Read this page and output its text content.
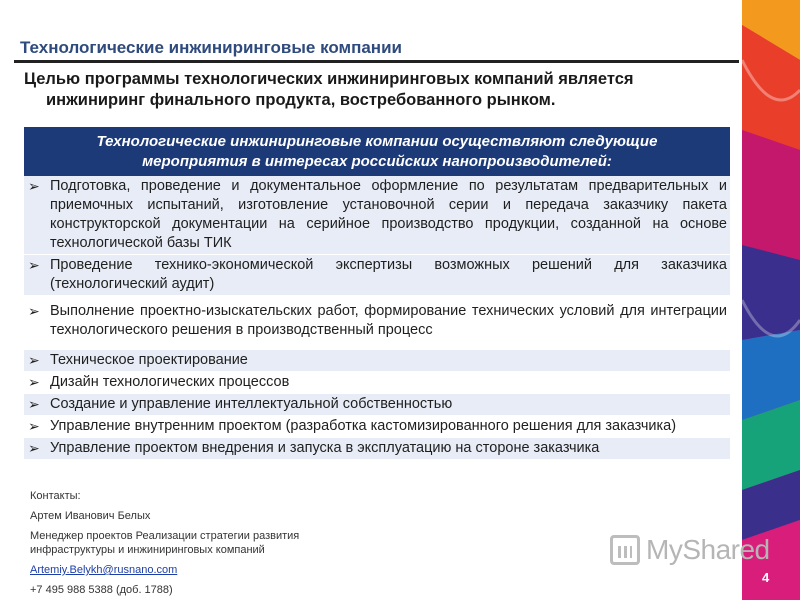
Технологические инжиниринговые компании
Целью программы технологических инжиниринговых компаний является
инжиниринг финального продукта, востребованного рынком.
Технологические инжиниринговые компании осуществляют следующие
мероприятия в интересах российских нанопроизводителей:
➢ Подготовка, проведение и документальное оформление по результатам предварительных и приемочных испытаний, изготовление установочной серии и передача заказчику пакета конструкторской документации на серийное производство продукции, созданной на основе технологической базы ТИК
➢ Проведение технико-экономической экспертизы возможных решений для заказчика (технологический аудит)
➢ Выполнение проектно-изыскательских работ, формирование технических условий для интеграции технологического решения в производственный процесс
➢ Техническое проектирование
➢ Дизайн технологических процессов
➢ Создание и управление интеллектуальной собственностью
➢ Управление внутренним проектом (разработка кастомизированного решения для заказчика)
➢ Управление проектом внедрения и запуска в эксплуатацию на стороне заказчика
Контакты:
Артем Иванович Белых
Менеджер проектов Реализации стратегии развития
инфраструктуры и инжиниринговых компаний
Artemiy.Belykh@rusnano.com
+7 495 988 5388 (доб. 1788)
MyShared
4
